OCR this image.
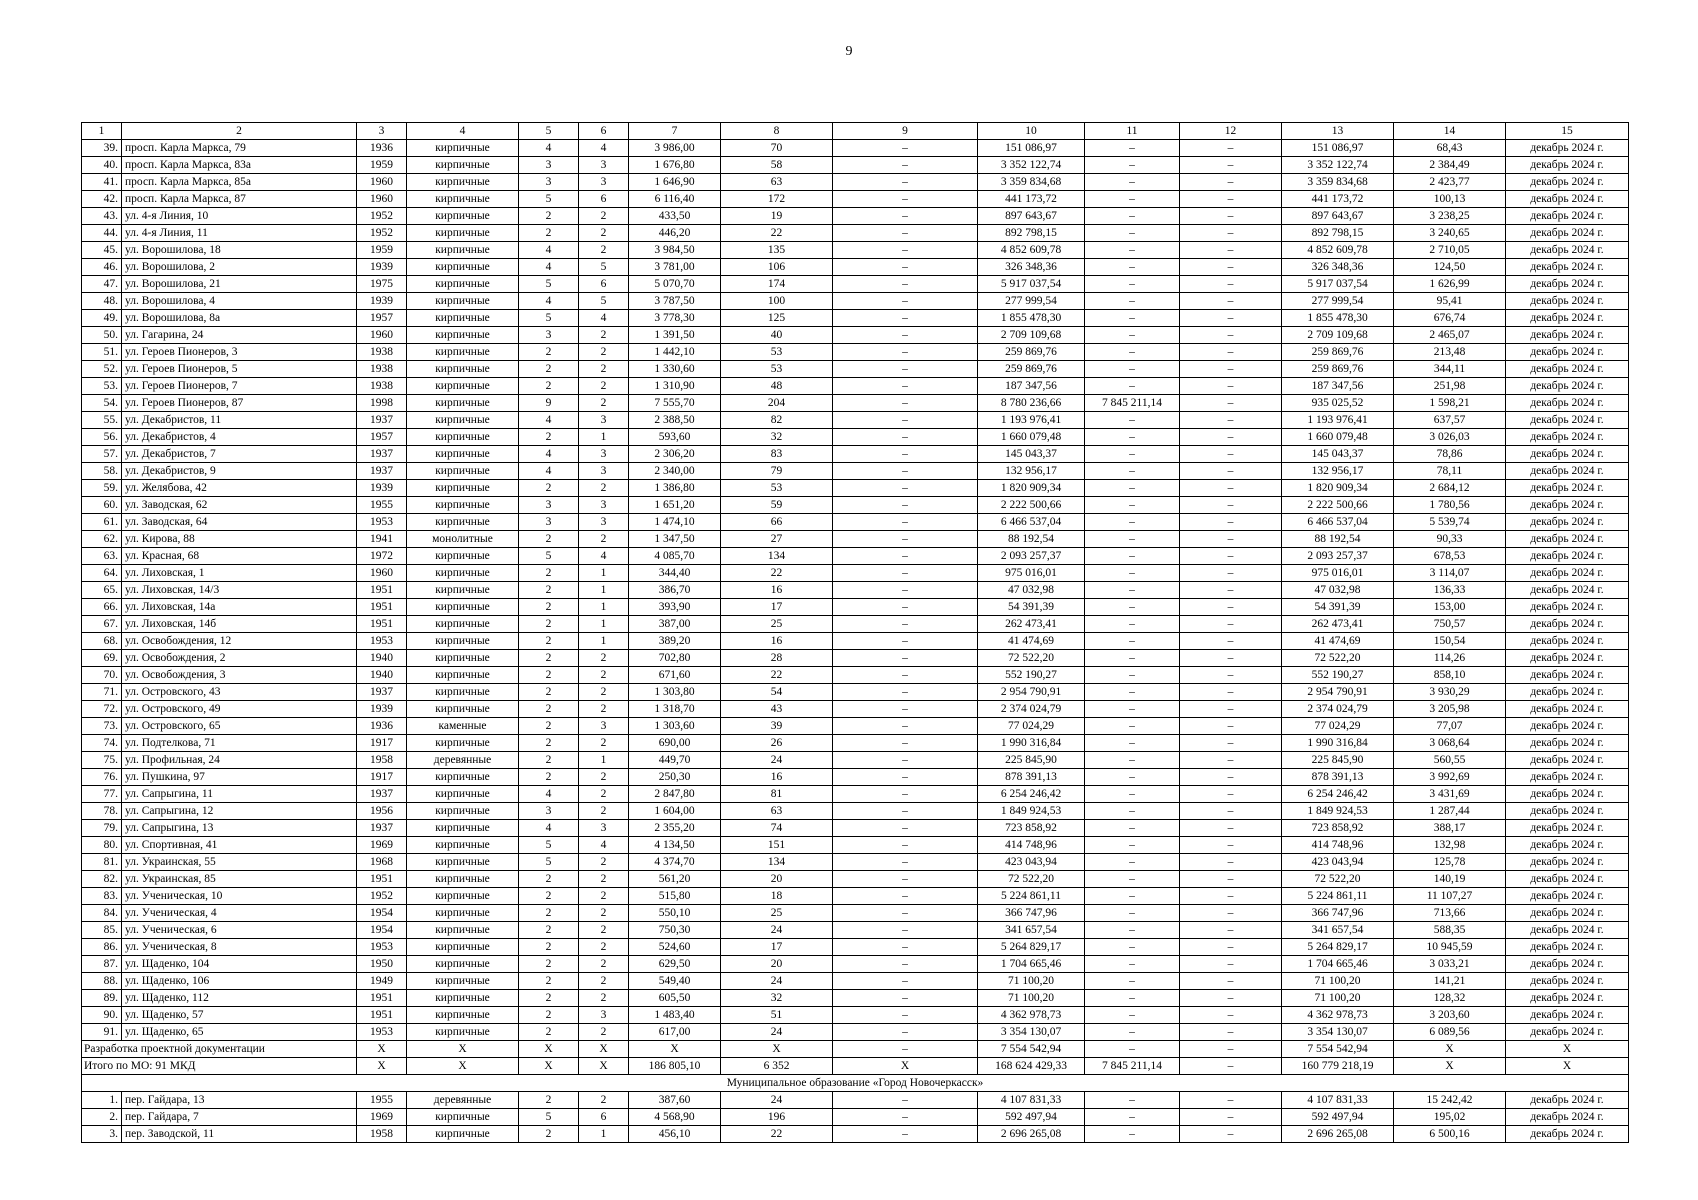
9
1	2	3	4	5	6	7	8	9	10	11	12	13	14	15
39.	просп. Карла Маркса, 79	1936	кирпичные	4	4	3 986,00	70	–	151 086,97	–	–	151 086,97	68,43	декабрь 2024 г.
40.	просп. Карла Маркса, 83а	1959	кирпичные	3	3	1 676,80	58	–	3 352 122,74	–	–	3 352 122,74	2 384,49	декабрь 2024 г.
41.	просп. Карла Маркса, 85а	1960	кирпичные	3	3	1 646,90	63	–	3 359 834,68	–	–	3 359 834,68	2 423,77	декабрь 2024 г.
42.	просп. Карла Маркса, 87	1960	кирпичные	5	6	6 116,40	172	–	441 173,72	–	–	441 173,72	100,13	декабрь 2024 г.
43.	ул. 4-я Линия, 10	1952	кирпичные	2	2	433,50	19	–	897 643,67	–	–	897 643,67	3 238,25	декабрь 2024 г.
44.	ул. 4-я Линия, 11	1952	кирпичные	2	2	446,20	22	–	892 798,15	–	–	892 798,15	3 240,65	декабрь 2024 г.
45.	ул. Ворошилова, 18	1959	кирпичные	4	2	3 984,50	135	–	4 852 609,78	–	–	4 852 609,78	2 710,05	декабрь 2024 г.
46.	ул. Ворошилова, 2	1939	кирпичные	4	5	3 781,00	106	–	326 348,36	–	–	326 348,36	124,50	декабрь 2024 г.
47.	ул. Ворошилова, 21	1975	кирпичные	5	6	5 070,70	174	–	5 917 037,54	–	–	5 917 037,54	1 626,99	декабрь 2024 г.
48.	ул. Ворошилова, 4	1939	кирпичные	4	5	3 787,50	100	–	277 999,54	–	–	277 999,54	95,41	декабрь 2024 г.
49.	ул. Ворошилова, 8а	1957	кирпичные	5	4	3 778,30	125	–	1 855 478,30	–	–	1 855 478,30	676,74	декабрь 2024 г.
50.	ул. Гагарина, 24	1960	кирпичные	3	2	1 391,50	40	–	2 709 109,68	–	–	2 709 109,68	2 465,07	декабрь 2024 г.
51.	ул. Героев Пионеров, 3	1938	кирпичные	2	2	1 442,10	53	–	259 869,76	–	–	259 869,76	213,48	декабрь 2024 г.
52.	ул. Героев Пионеров, 5	1938	кирпичные	2	2	1 330,60	53	–	259 869,76	–	–	259 869,76	344,11	декабрь 2024 г.
53.	ул. Героев Пионеров, 7	1938	кирпичные	2	2	1 310,90	48	–	187 347,56	–	–	187 347,56	251,98	декабрь 2024 г.
54.	ул. Героев Пионеров, 87	1998	кирпичные	9	2	7 555,70	204	–	8 780 236,66	7 845 211,14	–	935 025,52	1 598,21	декабрь 2024 г.
55.	ул. Декабристов, 11	1937	кирпичные	4	3	2 388,50	82	–	1 193 976,41	–	–	1 193 976,41	637,57	декабрь 2024 г.
56.	ул. Декабристов, 4	1957	кирпичные	2	1	593,60	32	–	1 660 079,48	–	–	1 660 079,48	3 026,03	декабрь 2024 г.
57.	ул. Декабристов, 7	1937	кирпичные	4	3	2 306,20	83	–	145 043,37	–	–	145 043,37	78,86	декабрь 2024 г.
58.	ул. Декабристов, 9	1937	кирпичные	4	3	2 340,00	79	–	132 956,17	–	–	132 956,17	78,11	декабрь 2024 г.
59.	ул. Желябова, 42	1939	кирпичные	2	2	1 386,80	53	–	1 820 909,34	–	–	1 820 909,34	2 684,12	декабрь 2024 г.
60.	ул. Заводская, 62	1955	кирпичные	3	3	1 651,20	59	–	2 222 500,66	–	–	2 222 500,66	1 780,56	декабрь 2024 г.
61.	ул. Заводская, 64	1953	кирпичные	3	3	1 474,10	66	–	6 466 537,04	–	–	6 466 537,04	5 539,74	декабрь 2024 г.
62.	ул. Кирова, 88	1941	монолитные	2	2	1 347,50	27	–	88 192,54	–	–	88 192,54	90,33	декабрь 2024 г.
63.	ул. Красная, 68	1972	кирпичные	5	4	4 085,70	134	–	2 093 257,37	–	–	2 093 257,37	678,53	декабрь 2024 г.
64.	ул. Лиховская, 1	1960	кирпичные	2	1	344,40	22	–	975 016,01	–	–	975 016,01	3 114,07	декабрь 2024 г.
65.	ул. Лиховская, 14/3	1951	кирпичные	2	1	386,70	16	–	47 032,98	–	–	47 032,98	136,33	декабрь 2024 г.
66.	ул. Лиховская, 14а	1951	кирпичные	2	1	393,90	17	–	54 391,39	–	–	54 391,39	153,00	декабрь 2024 г.
67.	ул. Лиховская, 14б	1951	кирпичные	2	1	387,00	25	–	262 473,41	–	–	262 473,41	750,57	декабрь 2024 г.
68.	ул. Освобождения, 12	1953	кирпичные	2	1	389,20	16	–	41 474,69	–	–	41 474,69	150,54	декабрь 2024 г.
69.	ул. Освобождения, 2	1940	кирпичные	2	2	702,80	28	–	72 522,20	–	–	72 522,20	114,26	декабрь 2024 г.
70.	ул. Освобождения, 3	1940	кирпичные	2	2	671,60	22	–	552 190,27	–	–	552 190,27	858,10	декабрь 2024 г.
71.	ул. Островского, 43	1937	кирпичные	2	2	1 303,80	54	–	2 954 790,91	–	–	2 954 790,91	3 930,29	декабрь 2024 г.
72.	ул. Островского, 49	1939	кирпичные	2	2	1 318,70	43	–	2 374 024,79	–	–	2 374 024,79	3 205,98	декабрь 2024 г.
73.	ул. Островского, 65	1936	каменные	2	3	1 303,60	39	–	77 024,29	–	–	77 024,29	77,07	декабрь 2024 г.
74.	ул. Подтелкова, 71	1917	кирпичные	2	2	690,00	26	–	1 990 316,84	–	–	1 990 316,84	3 068,64	декабрь 2024 г.
75.	ул. Профильная, 24	1958	деревянные	2	1	449,70	24	–	225 845,90	–	–	225 845,90	560,55	декабрь 2024 г.
76.	ул. Пушкина, 97	1917	кирпичные	2	2	250,30	16	–	878 391,13	–	–	878 391,13	3 992,69	декабрь 2024 г.
77.	ул. Сапрыгина, 11	1937	кирпичные	4	2	2 847,80	81	–	6 254 246,42	–	–	6 254 246,42	3 431,69	декабрь 2024 г.
78.	ул. Сапрыгина, 12	1956	кирпичные	3	2	1 604,00	63	–	1 849 924,53	–	–	1 849 924,53	1 287,44	декабрь 2024 г.
79.	ул. Сапрыгина, 13	1937	кирпичные	4	3	2 355,20	74	–	723 858,92	–	–	723 858,92	388,17	декабрь 2024 г.
80.	ул. Спортивная, 41	1969	кирпичные	5	4	4 134,50	151	–	414 748,96	–	–	414 748,96	132,98	декабрь 2024 г.
81.	ул. Украинская, 55	1968	кирпичные	5	2	4 374,70	134	–	423 043,94	–	–	423 043,94	125,78	декабрь 2024 г.
82.	ул. Украинская, 85	1951	кирпичные	2	2	561,20	20	–	72 522,20	–	–	72 522,20	140,19	декабрь 2024 г.
83.	ул. Ученическая, 10	1952	кирпичные	2	2	515,80	18	–	5 224 861,11	–	–	5 224 861,11	11 107,27	декабрь 2024 г.
84.	ул. Ученическая, 4	1954	кирпичные	2	2	550,10	25	–	366 747,96	–	–	366 747,96	713,66	декабрь 2024 г.
85.	ул. Ученическая, 6	1954	кирпичные	2	2	750,30	24	–	341 657,54	–	–	341 657,54	588,35	декабрь 2024 г.
86.	ул. Ученическая, 8	1953	кирпичные	2	2	524,60	17	–	5 264 829,17	–	–	5 264 829,17	10 945,59	декабрь 2024 г.
87.	ул. Щаденко, 104	1950	кирпичные	2	2	629,50	20	–	1 704 665,46	–	–	1 704 665,46	3 033,21	декабрь 2024 г.
88.	ул. Щаденко, 106	1949	кирпичные	2	2	549,40	24	–	71 100,20	–	–	71 100,20	141,21	декабрь 2024 г.
89.	ул. Щаденко, 112	1951	кирпичные	2	2	605,50	32	–	71 100,20	–	–	71 100,20	128,32	декабрь 2024 г.
90.	ул. Щаденко, 57	1951	кирпичные	2	3	1 483,40	51	–	4 362 978,73	–	–	4 362 978,73	3 203,60	декабрь 2024 г.
91.	ул. Щаденко, 65	1953	кирпичные	2	2	617,00	24	–	3 354 130,07	–	–	3 354 130,07	6 089,56	декабрь 2024 г.
Разработка проектной документации		X	X	X	X	X	X	–	7 554 542,94	–	–	7 554 542,94	X	X
Итого по МО: 91 МКД		X	X	X	X	186 805,10	6 352	X	168 624 429,33	7 845 211,14	–	160 779 218,19	X	X
Муниципальное образование «Город Новочеркасск»														
1.	пер. Гайдара, 13	1955	деревянные	2	2	387,60	24	–	4 107 831,33	–	–	4 107 831,33	15 242,42	декабрь 2024 г.
2.	пер. Гайдара, 7	1969	кирпичные	5	6	4 568,90	196	–	592 497,94	–	–	592 497,94	195,02	декабрь 2024 г.
3.	пер. Заводской, 11	1958	кирпичные	2	1	456,10	22	–	2 696 265,08	–	–	2 696 265,08	6 500,16	декабрь 2024 г.
